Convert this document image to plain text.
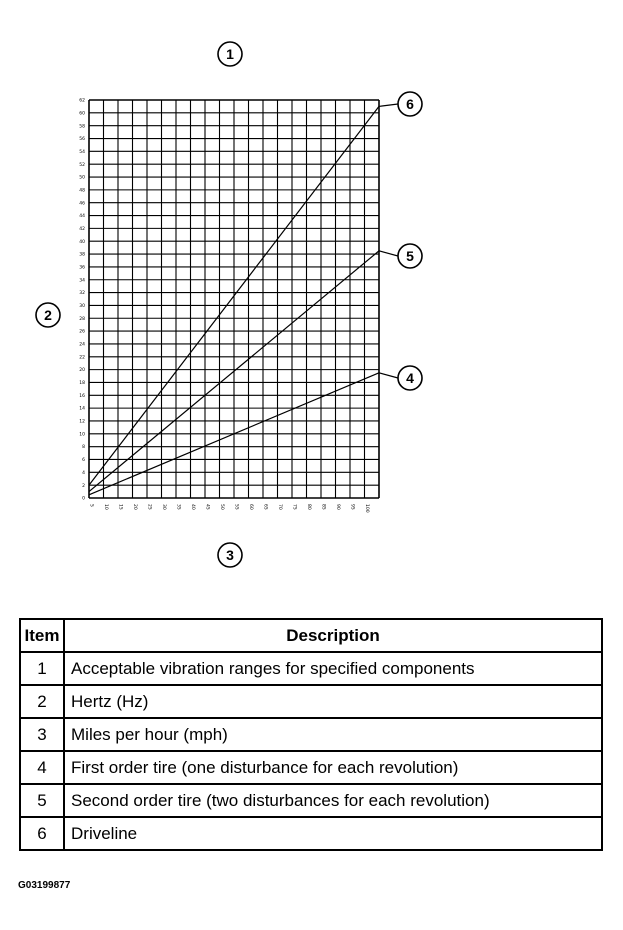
0
2
4
6
8
10
12
14
16
18
20
22
24
26
28
30
32
34
36
38
40
42
44
46
48
50
52
54
56
58
60
62
5 10 15 20 25 30 35 40 45 50 55 60 65 70 75 80 85 90 95 100
1
2
3
6
5
4
Item	Description
1	Acceptable vibration ranges for specified components
2	Hertz (Hz)
3	Miles per hour (mph)
4	First order tire (one disturbance for each revolution)
5	Second order tire (two disturbances for each revolution)
6	Driveline
G03199877
